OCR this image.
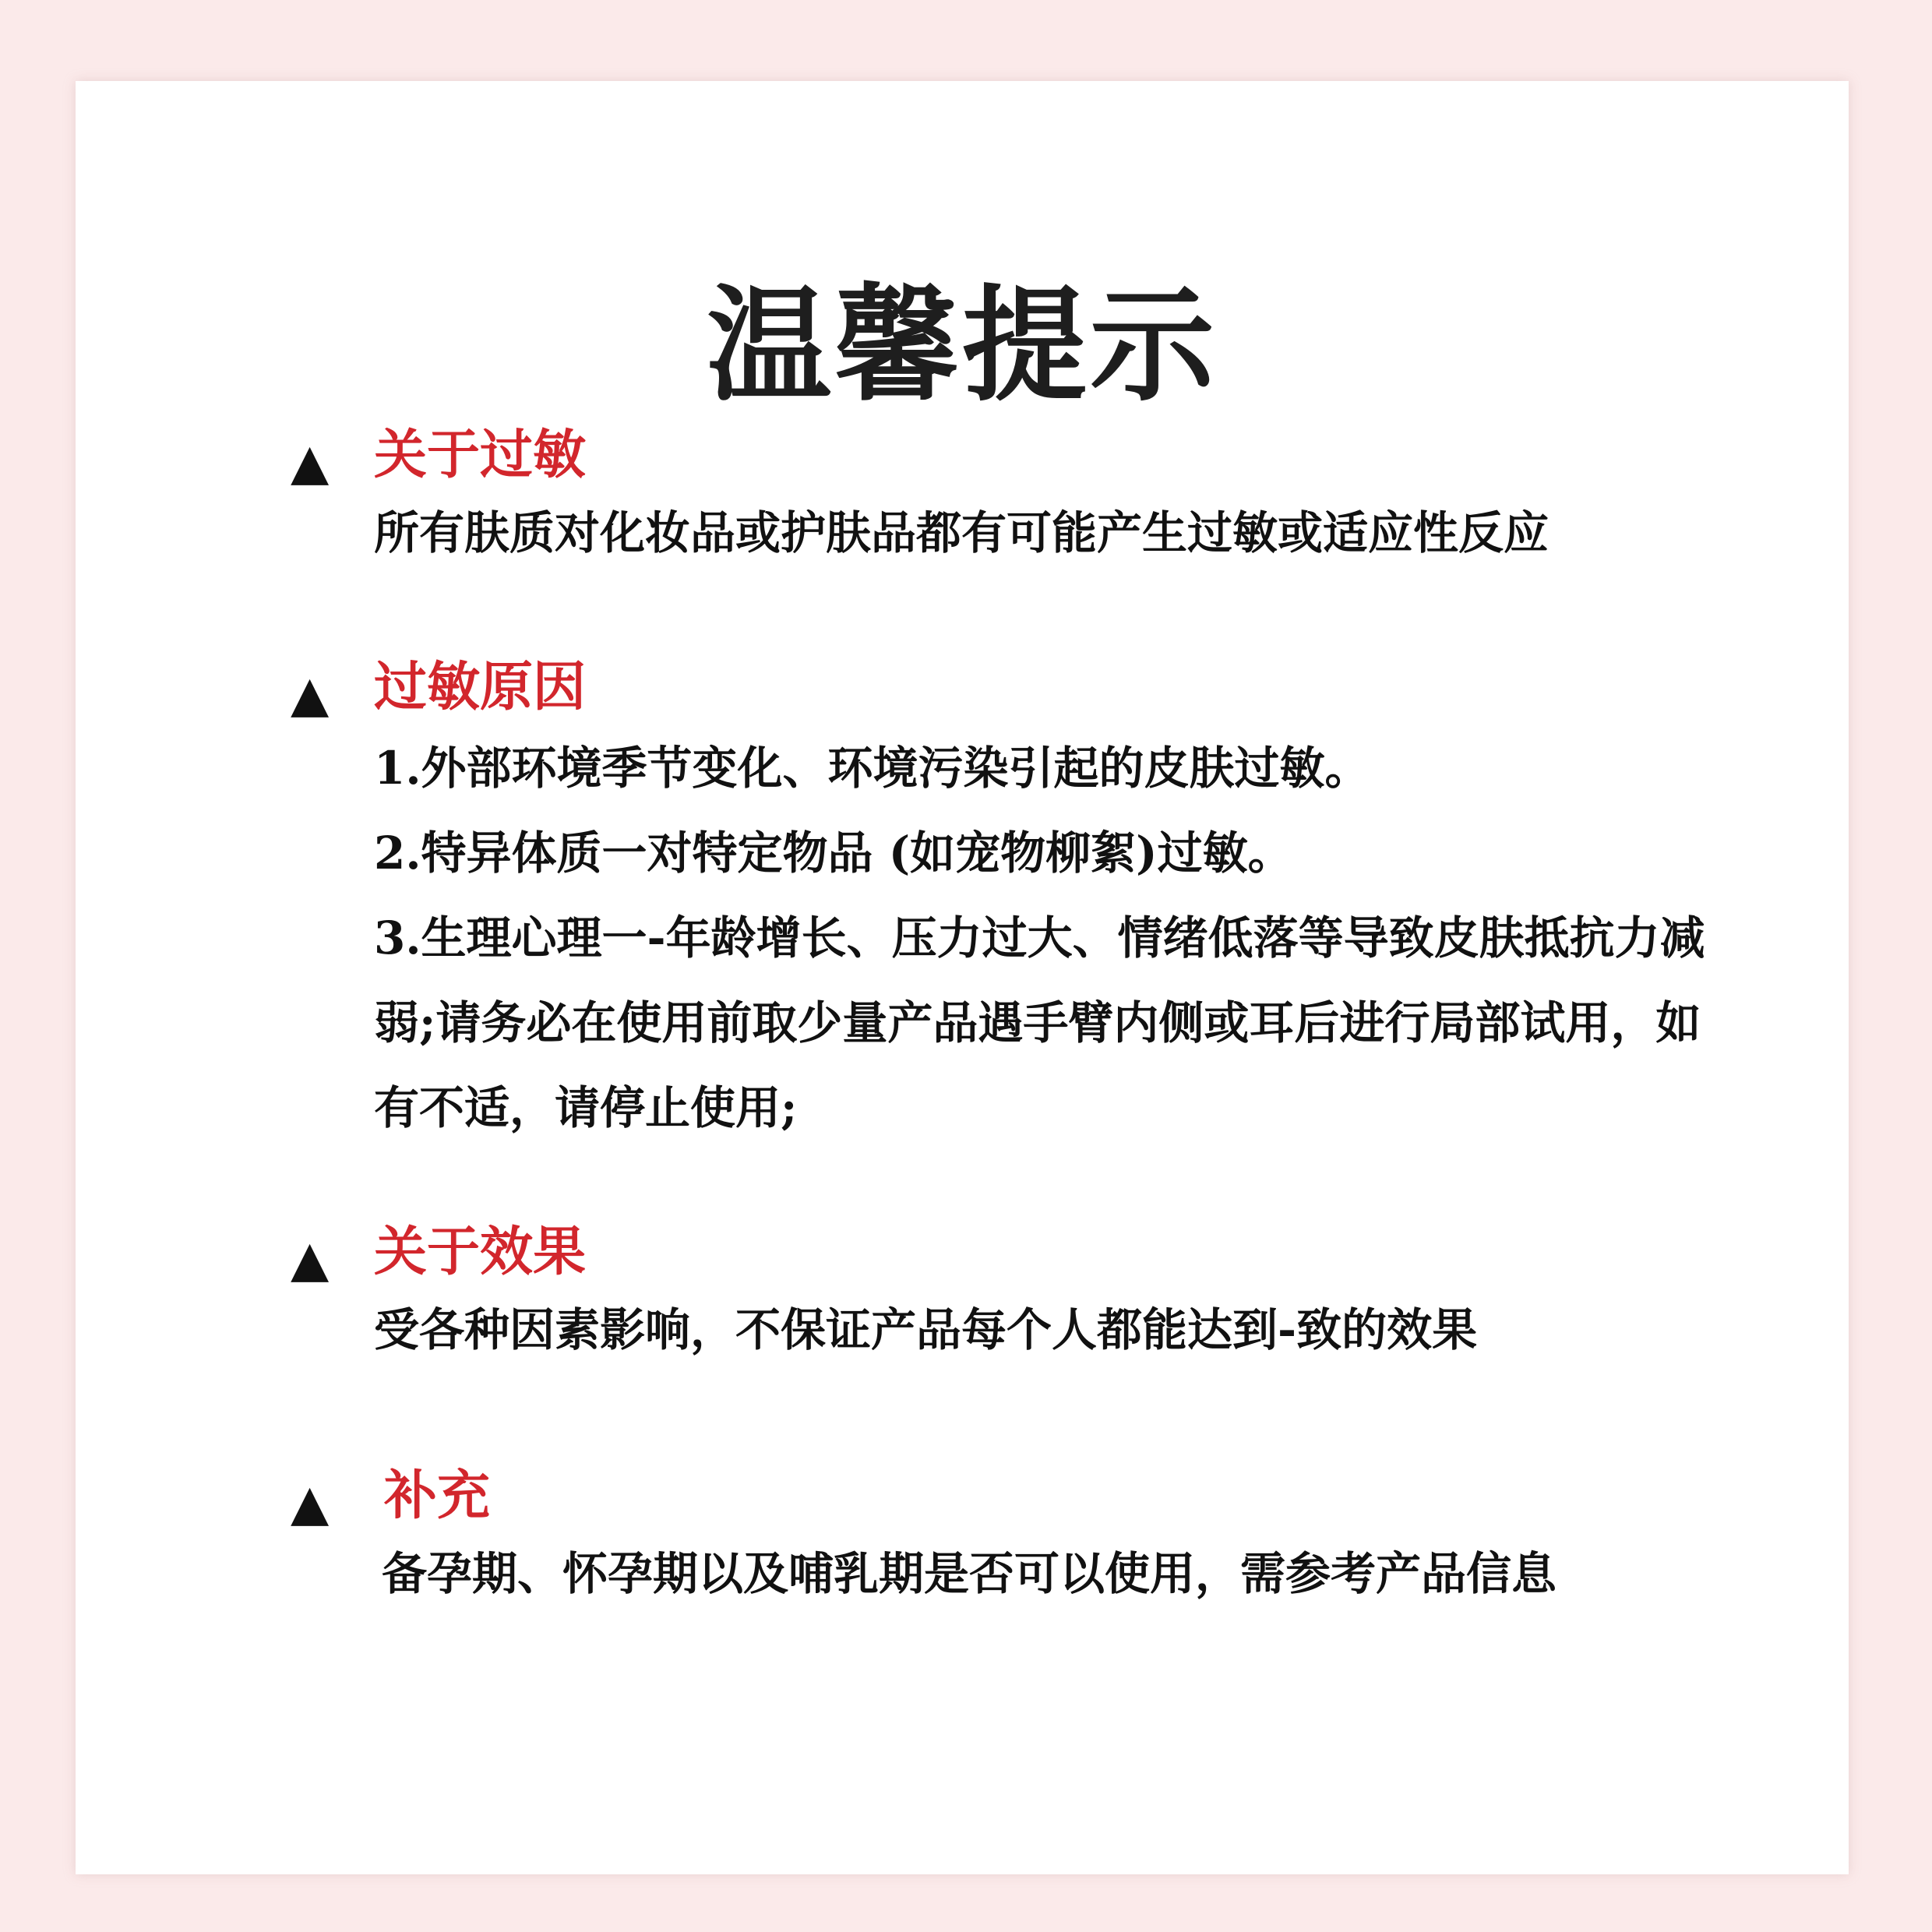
温馨提示
▲ 关于过敏

所有肤质对化妆品或护肤品都有可能产生过敏或适应性反应

▲ 过敏原因

1.外部环境季节变化、环境污染引起的皮肤过敏。

2.特异体质一对特定物品 (如宠物柳絮)过敏。

3.生理心理一-年龄增长、压力过大、情绪低落等导致皮肤抵抗力减弱;请务必在使用前取少量产品遇手臂内侧或耳后进行局部试用，如有不适，请停止使用;

▲ 关于效果

受各种因素影响，不保证产品每个人都能达到-致的效果

▲ 补充

备孕期、怀孕期以及哺乳期是否可以使用，需参考产品信息
